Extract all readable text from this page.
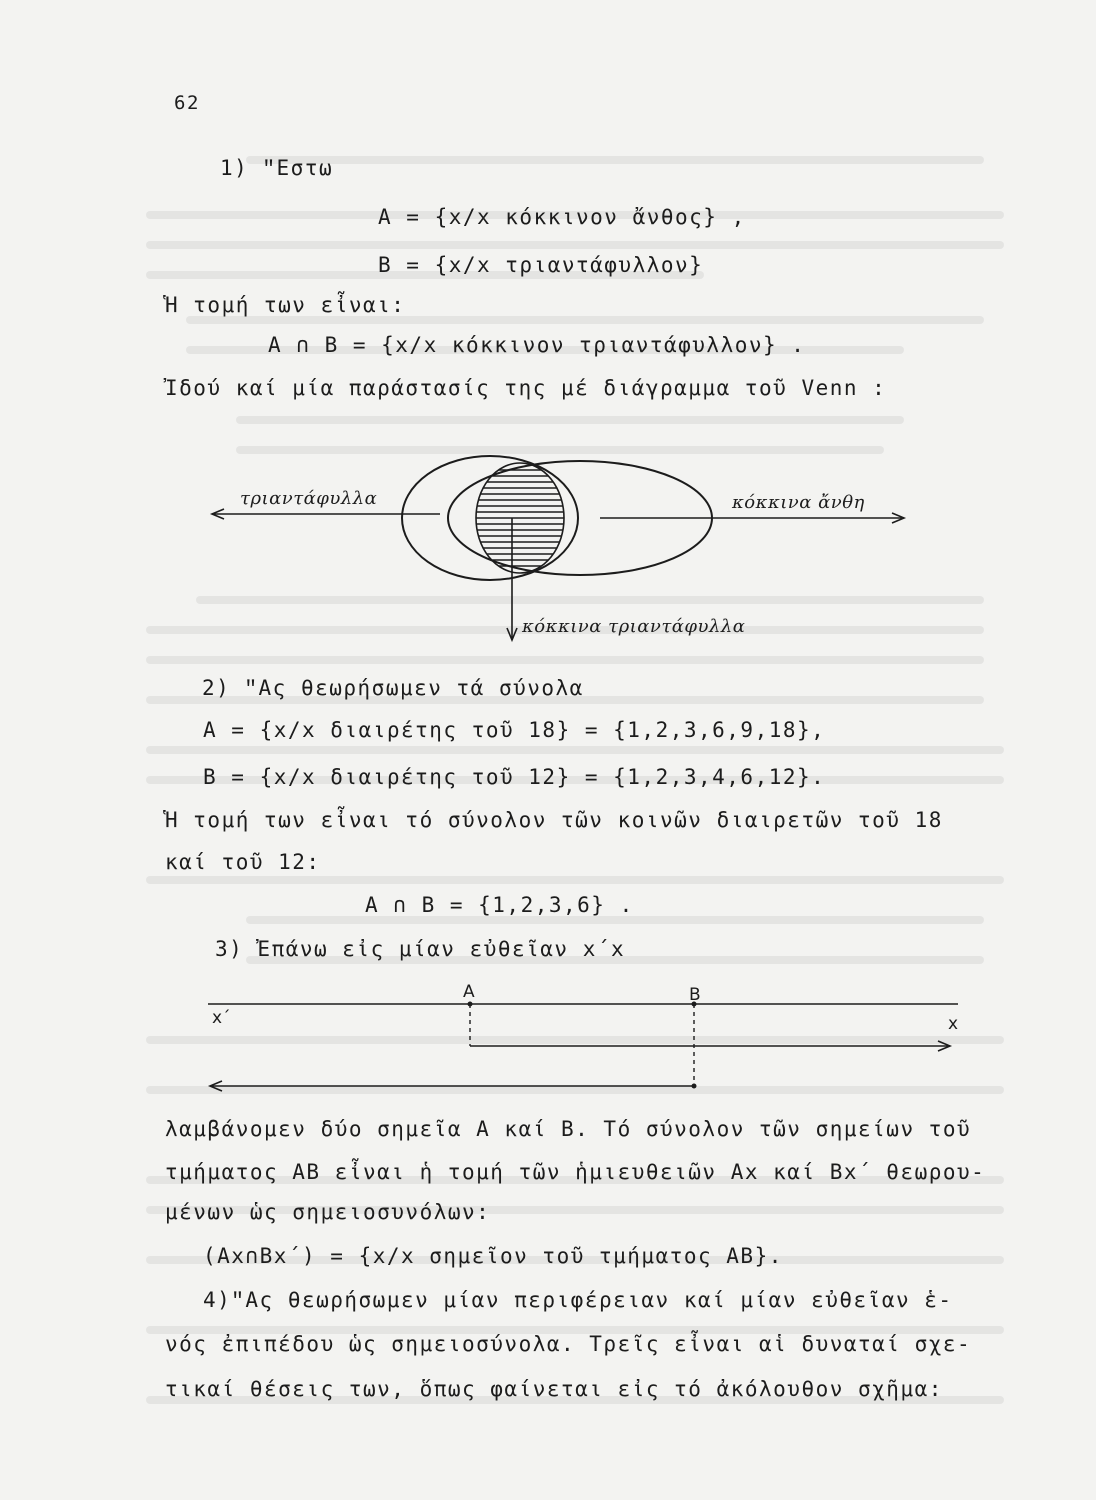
62
1) ʺΕστω
A = {x/x κόκκινον ἄνθος} ,
B = {x/x τριαντάφυλλον}
Ἡ τομή των εἶναι:
A ∩ B = {x/x κόκκινον τριαντάφυλλον} .
Ἰδού καί μία παράστασίς της μέ διάγραμμα τοῦ Venn :
τριαντάφυλλα	κόκκινα ἄνθη
κόκκινα τριαντάφυλλα
2) ʺΑς θεωρήσωμεν τά σύνολα
A = {x/x διαιρέτης τοῦ 18} = {1,2,3,6,9,18},
B = {x/x διαιρέτης τοῦ 12} = {1,2,3,4,6,12}.
Ἡ τομή των εἶναι τό σύνολον τῶν κοινῶν διαιρετῶν τοῦ 18
καί τοῦ 12:
A ∩ B = {1,2,3,6} .
3) Ἐπάνω εἰς μίαν εὐθεῖαν x΄x
x΄	x
A	B
λαμβάνομεν δύο σημεῖα A καί B. Τό σύνολον τῶν σημείων τοῦ
τμήματος AB εἶναι ἡ τομή τῶν ἡμιευθειῶν Ax καί Bx΄ θεωρου-
μένων ὡς σημειοσυνόλων:
(Ax∩Bx΄) = {x/x σημεῖον τοῦ τμήματος AB}.
4)ʺΑς θεωρήσωμεν μίαν περιφέρειαν καί μίαν εὐθεῖαν ἑ-
νός ἐπιπέδου ὡς σημειοσύνολα. Τρεῖς εἶναι αἱ δυναταί σχε-
τικαί θέσεις των, ὅπως φαίνεται εἰς τό ἀκόλουθον σχῆμα:
